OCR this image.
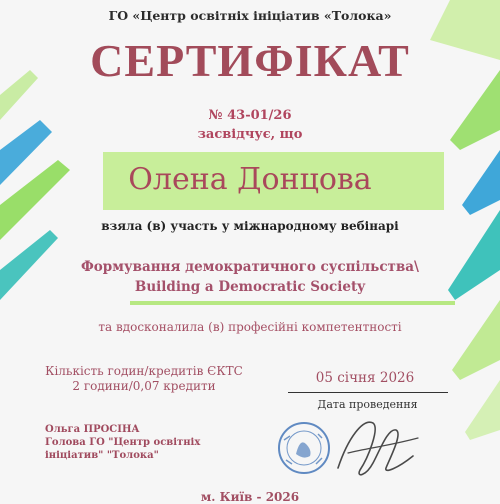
ГО «Центр освітніх ініціатив «Толока»
СЕРТИФІКАТ
№ 43-01/26
засвідчує, що
Олена Донцова
взяла (в) участь у міжнародному вебінарі
Формування демократичного суспільства\
Building a Democratic Society
та вдосконалила (в) професійні компетентності
Кількість годин/кредитів ЄКТС
2 години/0,07 кредити	05 січня 2026
Дата проведення
Ольга ПРОСІНА
Голова ГО "Центр освітніх
ініціатив" "Толока"
м. Київ - 2026
